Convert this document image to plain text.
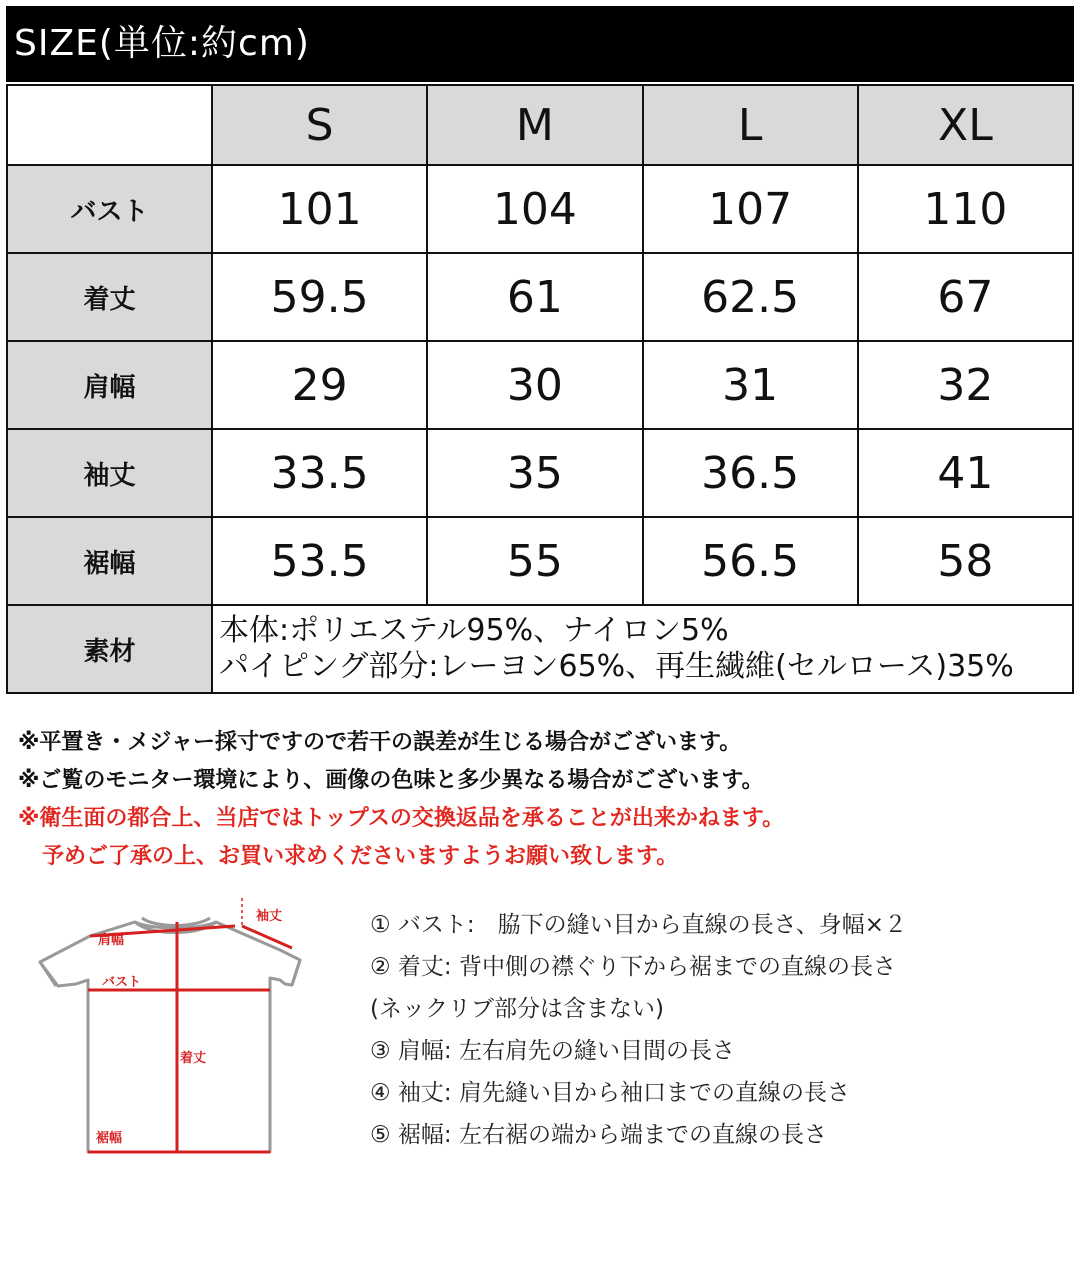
SIZE(単位:約cm)
	S	M	L	XL
バスト	101	104	107	110
着丈	59.5	61	62.5	67
肩幅	29	30	31	32
袖丈	33.5	35	36.5	41
裾幅	53.5	55	56.5	58
素材	本体:ポリエステル95%、ナイロン5%
パイピング部分:レーヨン65%、再生繊維(セルロース)35%			
※平置き・メジャー採寸ですので若干の誤差が生じる場合がございます。
※ご覧のモニター環境により、画像の色味と多少異なる場合がございます。
※衛生面の都合上、当店ではトップスの交換返品を承ることが出来かねます。
予めご了承の上、お買い求めくださいますようお願い致します。
袖丈
肩幅
バスト
着丈
裾幅
① バスト:　脇下の縫い目から直線の長さ、身幅×２
② 着丈: 背中側の襟ぐり下から裾までの直線の長さ
(ネックリブ部分は含まない)
③ 肩幅: 左右肩先の縫い目間の長さ
④ 袖丈: 肩先縫い目から袖口までの直線の長さ
⑤ 裾幅: 左右裾の端から端までの直線の長さ
